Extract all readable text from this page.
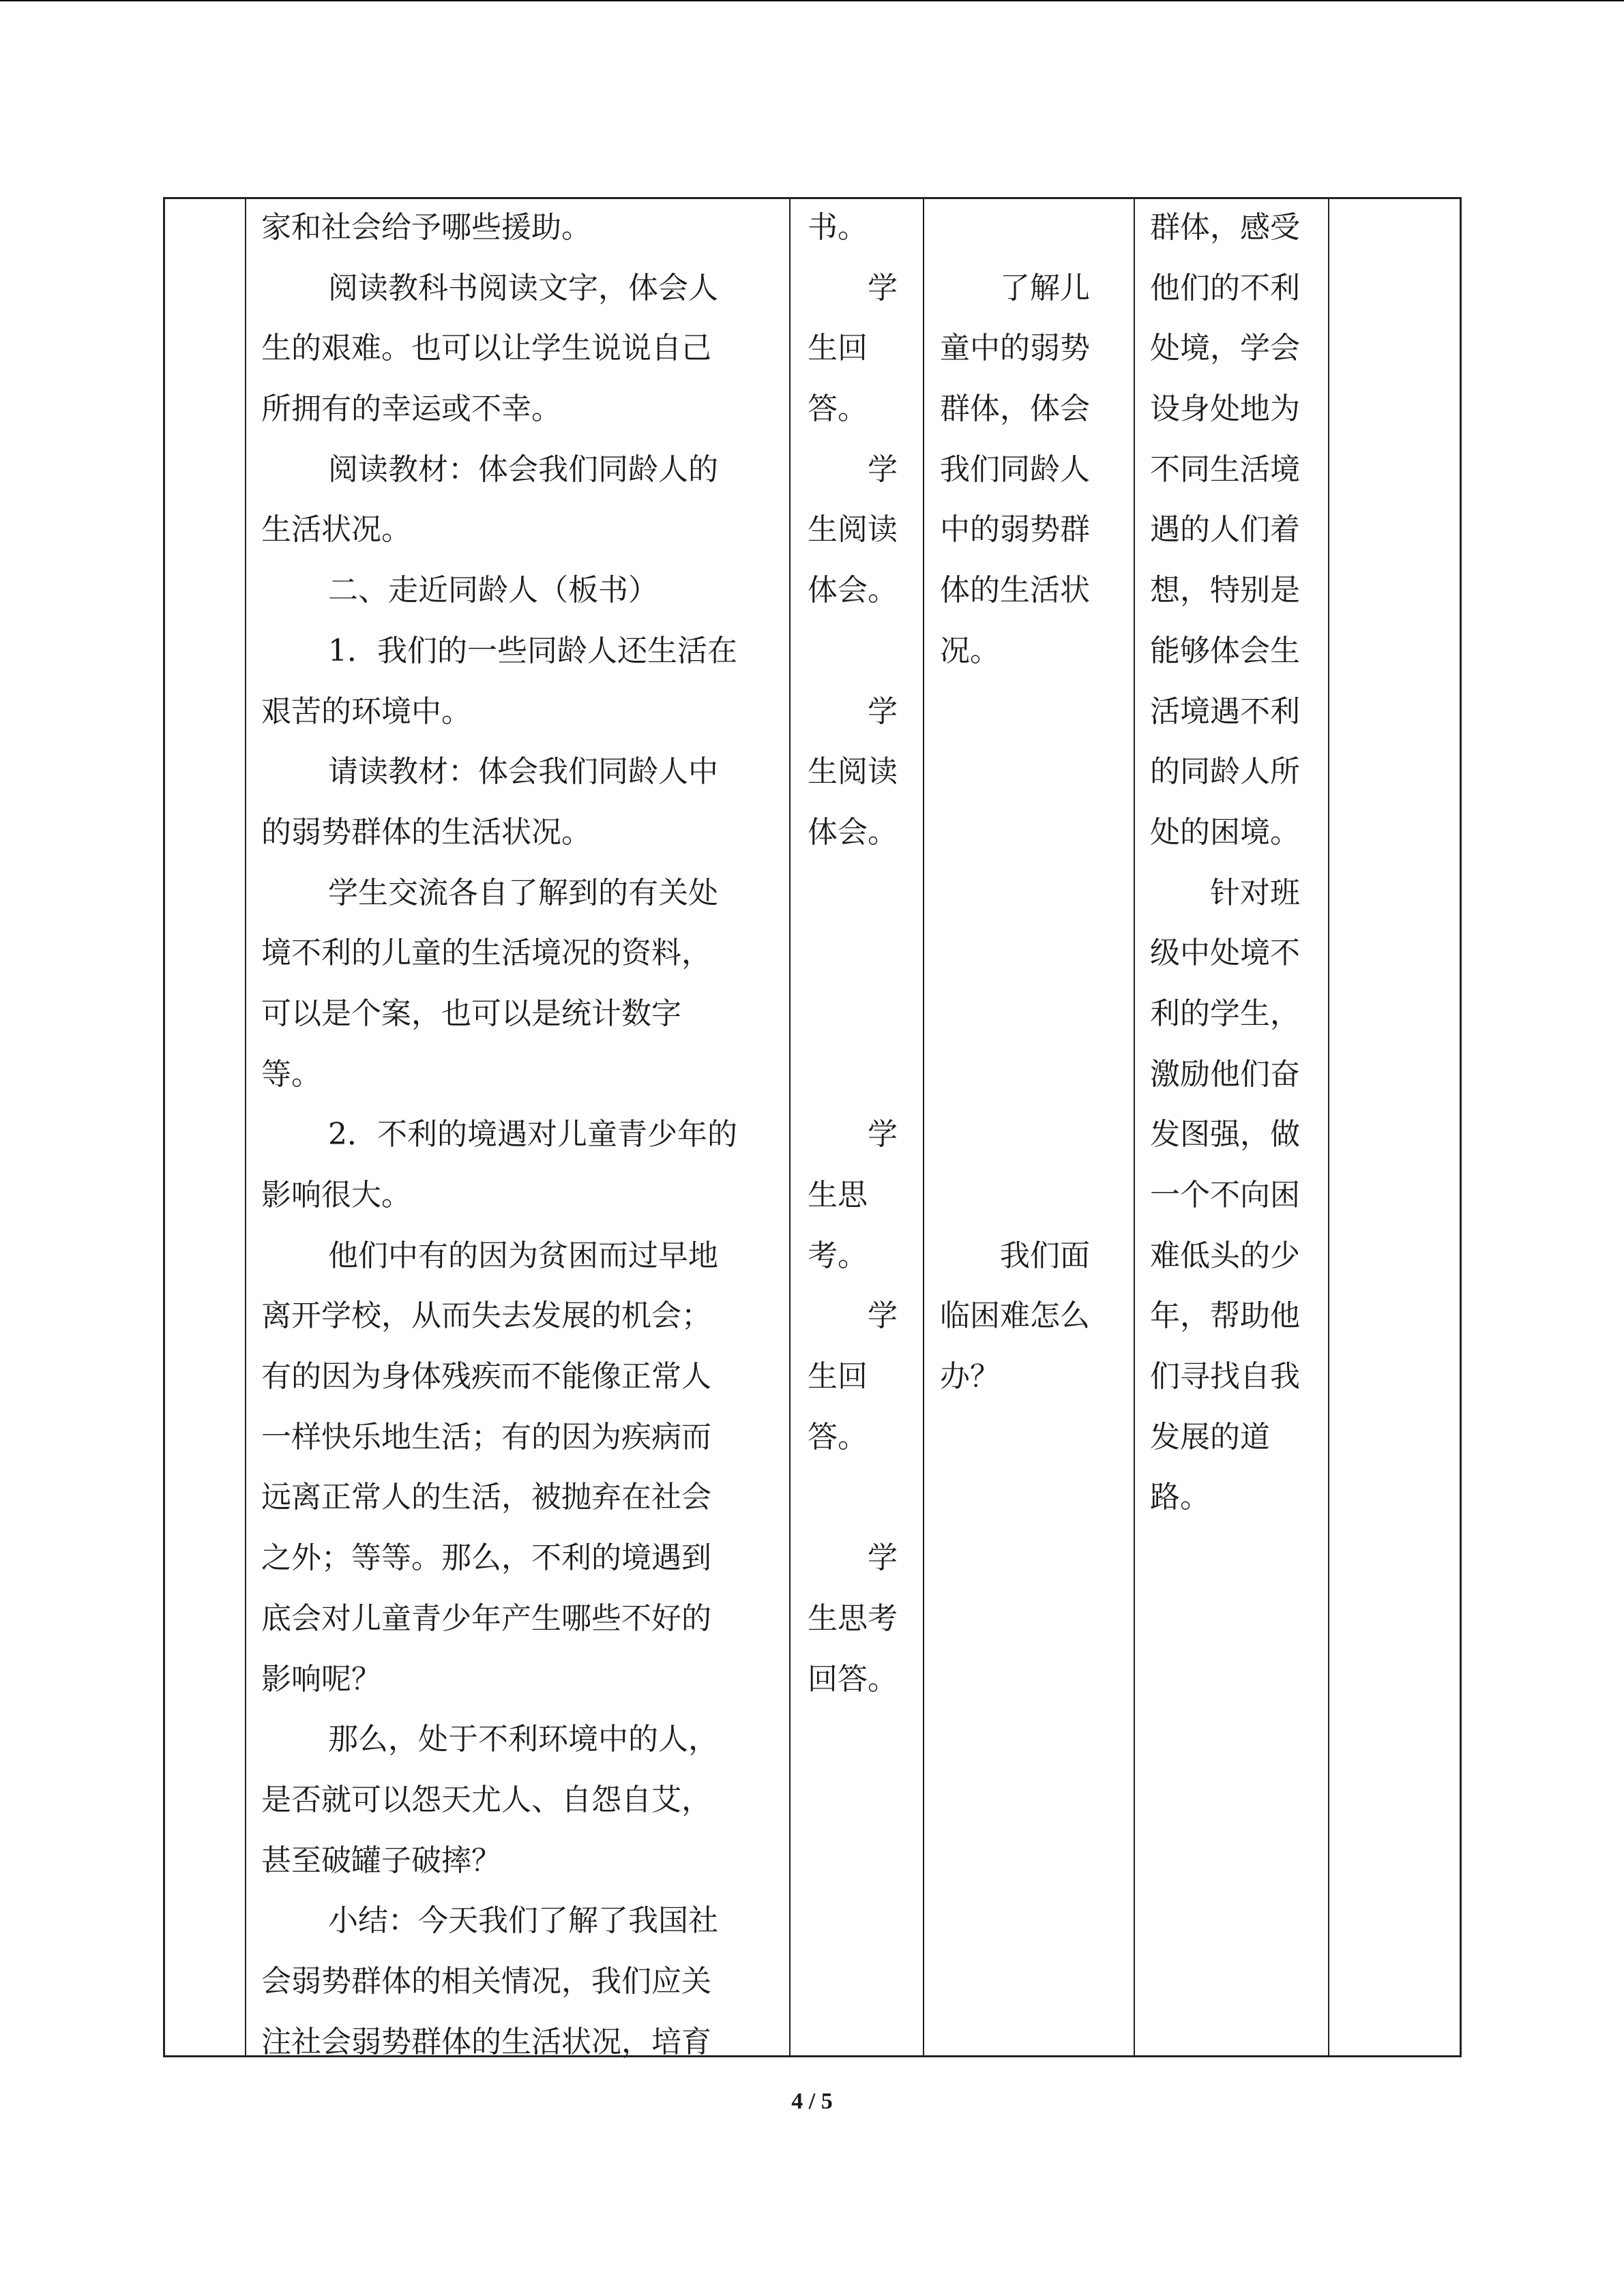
家和社会给予哪些援助。
阅读教科书阅读文字，体会人
生的艰难。也可以让学生说说自己
所拥有的幸运或不幸。
阅读教材：体会我们同龄人的
生活状况。
二、走近同龄人（板书）
1．我们的一些同龄人还生活在
艰苦的环境中。
请读教材：体会我们同龄人中
的弱势群体的生活状况。
学生交流各自了解到的有关处
境不利的儿童的生活境况的资料，
可以是个案，也可以是统计数字
等。
2．不利的境遇对儿童青少年的
影响很大。
他们中有的因为贫困而过早地
离开学校，从而失去发展的机会；
有的因为身体残疾而不能像正常人
一样快乐地生活；有的因为疾病而
远离正常人的生活，被抛弃在社会
之外；等等。那么，不利的境遇到
底会对儿童青少年产生哪些不好的
影响呢？
那么，处于不利环境中的人，
是否就可以怨天尤人、自怨自艾，
甚至破罐子破摔？
小结：今天我们了解了我国社
会弱势群体的相关情况，我们应关
注社会弱势群体的生活状况，培育
书。
学
生回
答。
学
生阅读
体会。
学
生阅读
体会。
学
生思
考。
学
生回
答。
学
生思考
回答。
了解儿
童中的弱势
群体，体会
我们同龄人
中的弱势群
体的生活状
况。
我们面
临困难怎么
办？
群体，感受
他们的不利
处境，学会
设身处地为
不同生活境
遇的人们着
想，特别是
能够体会生
活境遇不利
的同龄人所
处的困境。
针对班
级中处境不
利的学生，
激励他们奋
发图强，做
一个不向困
难低头的少
年，帮助他
们寻找自我
发展的道
路。
4 / 5
